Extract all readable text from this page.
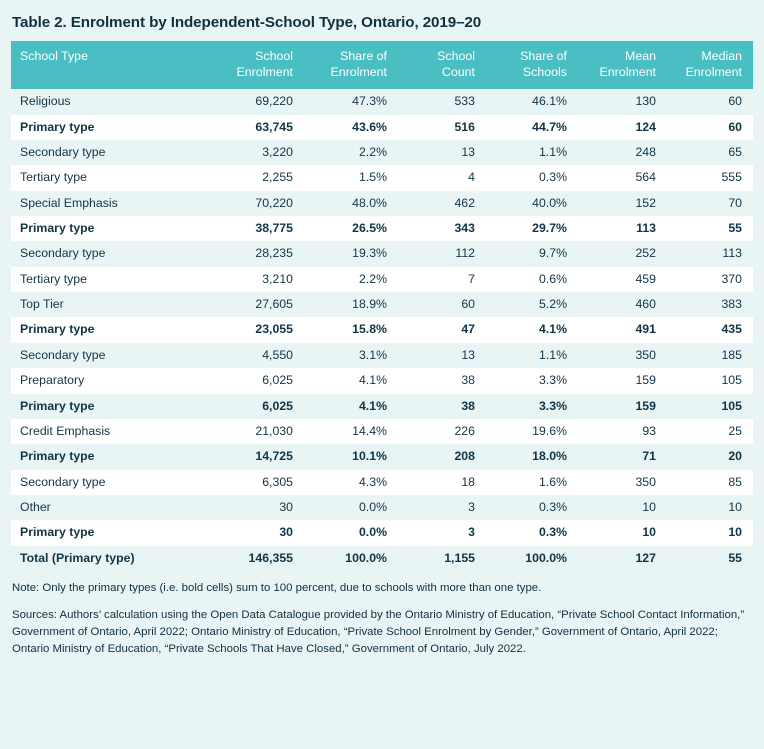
Table 2. Enrolment by Independent-School Type, Ontario, 2019–20
School Type	School Enrolment	Share of Enrolment	School Count	Share of Schools	Mean Enrolment	Median Enrolment
Religious	69,220	47.3%	533	46.1%	130	60
Primary type	63,745	43.6%	516	44.7%	124	60
Secondary type	3,220	2.2%	13	1.1%	248	65
Tertiary type	2,255	1.5%	4	0.3%	564	555
Special Emphasis	70,220	48.0%	462	40.0%	152	70
Primary type	38,775	26.5%	343	29.7%	113	55
Secondary type	28,235	19.3%	112	9.7%	252	113
Tertiary type	3,210	2.2%	7	0.6%	459	370
Top Tier	27,605	18.9%	60	5.2%	460	383
Primary type	23,055	15.8%	47	4.1%	491	435
Secondary type	4,550	3.1%	13	1.1%	350	185
Preparatory	6,025	4.1%	38	3.3%	159	105
Primary type	6,025	4.1%	38	3.3%	159	105
Credit Emphasis	21,030	14.4%	226	19.6%	93	25
Primary type	14,725	10.1%	208	18.0%	71	20
Secondary type	6,305	4.3%	18	1.6%	350	85
Other	30	0.0%	3	0.3%	10	10
Primary type	30	0.0%	3	0.3%	10	10
Total (Primary type)	146,355	100.0%	1,155	100.0%	127	55
Note: Only the primary types (i.e. bold cells) sum to 100 percent, due to schools with more than one type.
Sources: Authors’ calculation using the Open Data Catalogue provided by the Ontario Ministry of Education, “Private School Contact Information,” Government of Ontario, April 2022; Ontario Ministry of Education, “Private School Enrolment by Gender,” Government of Ontario, April 2022; Ontario Ministry of Education, “Private Schools That Have Closed,” Government of Ontario, July 2022.
